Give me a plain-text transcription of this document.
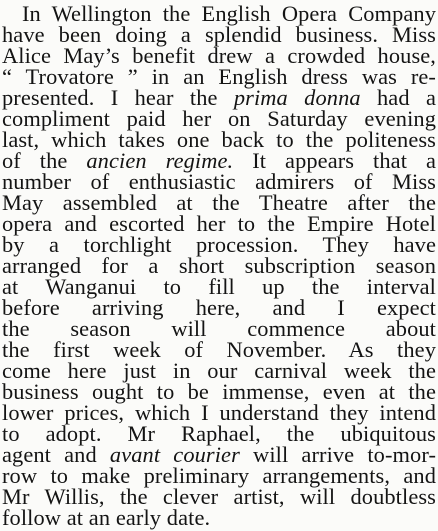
In Wellington the English Opera Company
have been doing a splendid business. Miss
Alice May’s benefit drew a crowded house,
“ Trovatore ” in an English dress was re-
presented. I hear the prima donna had a
compliment paid her on Saturday evening
last, which takes one back to the politeness
of the ancien regime. It appears that a
number of enthusiastic admirers of Miss
May assembled at the Theatre after the
opera and escorted her to the Empire Hotel
by a torchlight procession. They have
arranged for a short subscription season
at Wanganui to fill up the interval
before arriving here, and I expect
the season will commence about
the first week of November. As they
come here just in our carnival week the
business ought to be immense, even at the
lower prices, which I understand they intend
to adopt. Mr Raphael, the ubiquitous
agent and avant courier will arrive to-mor-
row to make preliminary arrangements, and
Mr Willis, the clever artist, will doubtless
follow at an early date.
